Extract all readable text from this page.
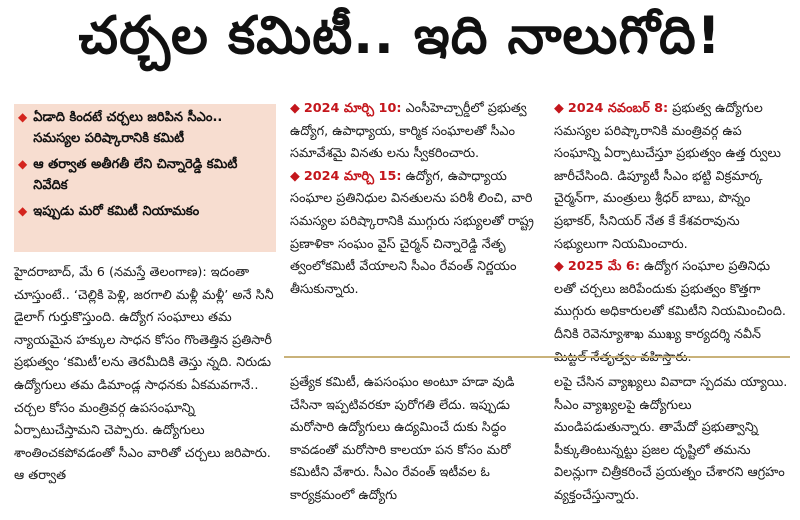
చర్చల కమిటీ.. ఇది నాలుగోది!
◆ ఏడాది కిందటే చర్చలు జరిపిన సీఎం.. సమస్యల పరిష్కారానికి కమిటీ
◆ ఆ తర్వాత అతీగతీ లేని చిన్నారెడ్డి కమిటీ నివేదిక
◆ ఇప్పుడు మరో కమిటీ నియామకం

హైదరాబాద్, మే 6 (నమస్తే తెలంగాణ): ఇదంతా చూస్తుంటే.. ‘చెల్లికి పెళ్లి, జరగాలి మళ్లీ మళ్లీ’ అనే సినీ డైలాగ్ గుర్తుకొస్తుంది. ఉద్యోగ సంఘాలు తమ న్యాయమైన హక్కుల సాధన కోసం గొంతెత్తిన ప్రతిసారీ ప్రభుత్వం ‘కమిటీ’లను తెరమీదికి తెస్తు న్నది. నిరుడు ఉద్యోగులు తమ డిమాండ్ల సాధనకు ఏకమవగానే.. చర్చల కోసం మంత్రివర్గ ఉపసంఘాన్ని ఏర్పాటుచేస్తామని చెప్పారు. ఉద్యోగులు శాంతించకపోవడంతో సీఎం వారితో చర్చలు జరిపారు. ఆ తర్వాత

◆ 2024 మార్చి 10: ఎంసీహెచ్చార్డీలో ప్రభుత్వ ఉద్యోగ, ఉపాధ్యాయ, కార్మిక సంఘాలతో సీఎం సమావేశమై వినతు లను స్వీకరించారు.
◆ 2024 మార్చి 15: ఉద్యోగ, ఉపాధ్యాయ సంఘాల ప్రతినిధుల వినతులను పరిశీ లించి, వారి సమస్యల పరిష్కారానికి ముగ్గురు సభ్యులతో రాష్ట్ర ప్రణాళికా సంఘం వైస్ చైర్మన్ చిన్నారెడ్డి నేతృ త్వంలోకమిటీ వేయాలని సీఎం రేవంత్ నిర్ణయం తీసుకున్నారు.
◆ 2024 నవంబర్ 8: ప్రభుత్వ ఉద్యోగుల సమస్యల పరిష్కారానికి మంత్రివర్గ ఉప సంఘాన్ని ఏర్పాటుచేస్తూ ప్రభుత్వం ఉత్త ర్వులు జారీచేసింది. డిప్యూటీ సీఎం భట్టి విక్రమార్క చైర్మన్‌గా, మంత్రులు శ్రీధర్ బాబు, పొన్నం ప్రభాకర్, సీనియర్ నేత కే కేశవరావును సభ్యులుగా నియమించారు.
◆ 2025 మే 6: ఉద్యోగ సంఘాల ప్రతినిధు లతో చర్చలు జరిపేందుకు ప్రభుత్వం కొత్తగా ముగ్గురు అధికారులతో కమిటీని నియమించింది. దీనికి రెవెన్యూశాఖ ముఖ్య కార్యదర్శి నవీన్

ప్రత్యేక కమిటీ, ఉపసంఘం అంటూ హడా వుడి చేసినా ఇప్పటివరకూ పురోగతి లేదు. ఇప్పుడు మరోసారి ఉద్యోగులు ఉద్యమించే దుకు సిద్ధం కావడంతో మరోసారి కాలయా పన కోసం మరో కమిటీని వేశారు. సీఎం రేవంత్ ఇటీవల ఓ కార్యక్రమంలో ఉద్యోగు

లపై చేసిన వ్యాఖ్యలు వివాదా స్పదమ య్యాయి. సీఎం వ్యాఖ్యలపై ఉద్యోగులు మండిపడుతున్నారు. తామేదో ప్రభుత్వాన్ని పీక్కుతింటున్నట్టు ప్రజల దృష్టిలో తమను విలన్లుగా చిత్రీకరించే ప్రయత్నం చేశారని ఆగ్రహం వ్యక్తంచేస్తున్నారు.
